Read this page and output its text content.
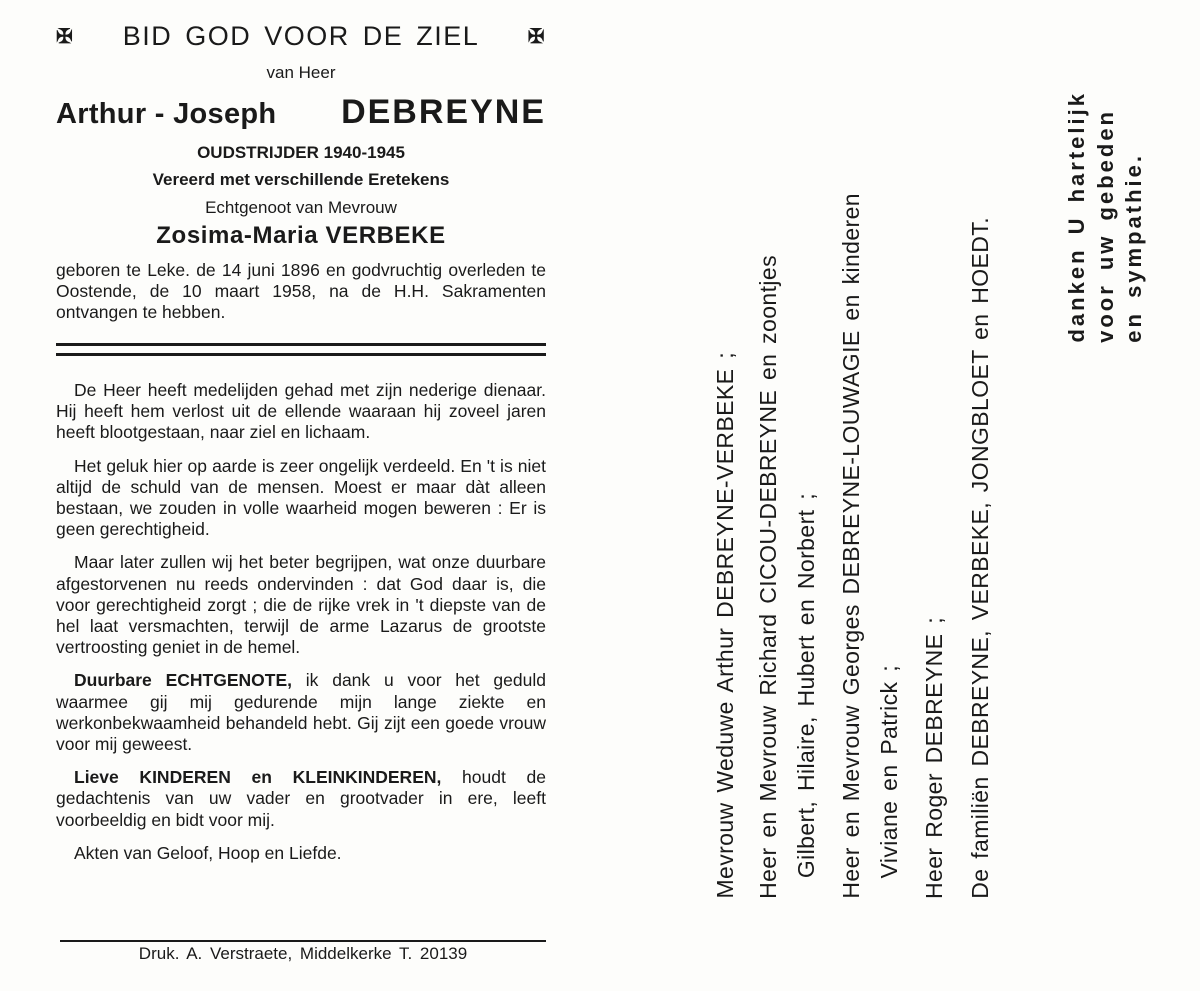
✠	BID GOD VOOR DE ZIEL	✠
van Heer
Arthur - Joseph DEBREYNE
OUDSTRIJDER 1940-1945
Vereerd met verschillende Eretekens
Echtgenoot van Mevrouw
Zosima-Maria VERBEKE
geboren te Leke. de 14 juni 1896 en godvruchtig overleden te Oostende, de 10 maart 1958, na de H.H. Sakramenten ontvangen te hebben.

De Heer heeft medelijden gehad met zijn nederige dienaar. Hij heeft hem verlost uit de ellende waaraan hij zoveel jaren heeft blootgestaan, naar ziel en lichaam.

Het geluk hier op aarde is zeer ongelijk verdeeld. En 't is niet altijd de schuld van de mensen. Moest er maar dàt alleen bestaan, we zouden in volle waarheid mogen beweren : Er is geen gerechtigheid.

Maar later zullen wij het beter begrijpen, wat onze duurbare afgestorvenen nu reeds ondervinden : dat God daar is, die voor gerechtigheid zorgt ; die de rijke vrek in 't diepste van de hel laat versmachten, terwijl de arme Lazarus de grootste vertroosting geniet in de hemel.

Duurbare ECHTGENOTE, ik dank u voor het geduld waarmee gij mij gedurende mijn lange ziekte en werkonbekwaamheid behandeld hebt. Gij zijt een goede vrouw voor mij geweest.

Lieve KINDEREN en KLEINKINDEREN, houdt de gedachtenis van uw vader en grootvader in ere, leeft voorbeeldig en bidt voor mij.

Akten van Geloof, Hoop en Liefde.

Druk. A. Verstraete, Middelkerke T. 20139
Mevrouw Weduwe Arthur DEBREYNE-VERBEKE ; Heer en Mevrouw Richard CICOU-DEBREYNE en zoontjes Gilbert, Hilaire, Hubert en Norbert ; Heer en Mevrouw Georges DEBREYNE-LOUWAGIE en kinderen Viviane en Patrick ; Heer Roger DEBREYNE ; De familiën DEBREYNE, VERBEKE, JONGBLOET en HOEDT.	danken U hartelijk voor uw gebeden en sympathie.
